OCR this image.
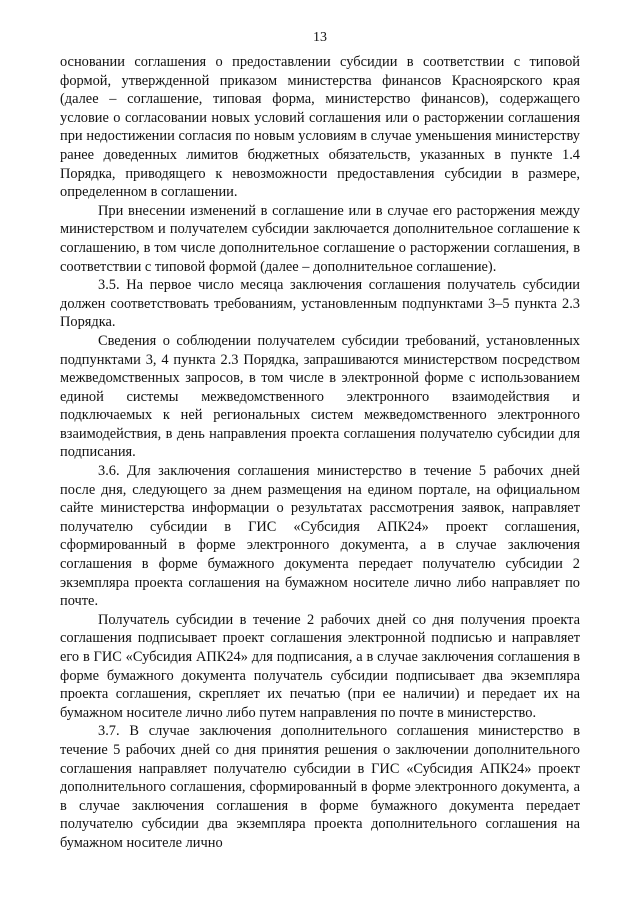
13

основании соглашения о предоставлении субсидии в соответствии с типовой формой, утвержденной приказом министерства финансов Красноярского края (далее – соглашение, типовая форма, министерство финансов), содержащего условие о согласовании новых условий соглашения или о расторжении соглашения при недостижении согласия по новым условиям в случае уменьшения министерству ранее доведенных лимитов бюджетных обязательств, указанных в пункте 1.4 Порядка, приводящего к невозможности предоставления субсидии в размере, определенном в соглашении.

При внесении изменений в соглашение или в случае его расторжения между министерством и получателем субсидии заключается дополнительное соглашение к соглашению, в том числе дополнительное соглашение о расторжении соглашения, в соответствии с типовой формой (далее – дополнительное соглашение).

3.5. На первое число месяца заключения соглашения получатель субсидии должен соответствовать требованиям, установленным подпунктами 3–5 пункта 2.3 Порядка.

Сведения о соблюдении получателем субсидии требований, установленных подпунктами 3, 4 пункта 2.3 Порядка, запрашиваются министерством посредством межведомственных запросов, в том числе в электронной форме с использованием единой системы межведомственного электронного взаимодействия и подключаемых к ней региональных систем межведомственного электронного взаимодействия, в день направления проекта соглашения получателю субсидии для подписания.

3.6. Для заключения соглашения министерство в течение 5 рабочих дней после дня, следующего за днем размещения на едином портале, на официальном сайте министерства информации о результатах рассмотрения заявок, направляет получателю субсидии в ГИС «Субсидия АПК24» проект соглашения, сформированный в форме электронного документа, а в случае заключения соглашения в форме бумажного документа передает получателю субсидии 2 экземпляра проекта соглашения на бумажном носителе лично либо направляет по почте.

Получатель субсидии в течение 2 рабочих дней со дня получения проекта соглашения подписывает проект соглашения электронной подписью и направляет его в ГИС «Субсидия АПК24» для подписания, а в случае заключения соглашения в форме бумажного документа получатель субсидии подписывает два экземпляра проекта соглашения, скрепляет их печатью (при ее наличии) и передает их на бумажном носителе лично либо путем направления по почте в министерство.

3.7. В случае заключения дополнительного соглашения министерство в течение 5 рабочих дней со дня принятия решения о заключении дополнительного соглашения направляет получателю субсидии в ГИС «Субсидия АПК24» проект дополнительного соглашения, сформированный в форме электронного документа, а в случае заключения соглашения в форме бумажного документа передает получателю субсидии два экземпляра проекта дополнительного соглашения на бумажном носителе лично
